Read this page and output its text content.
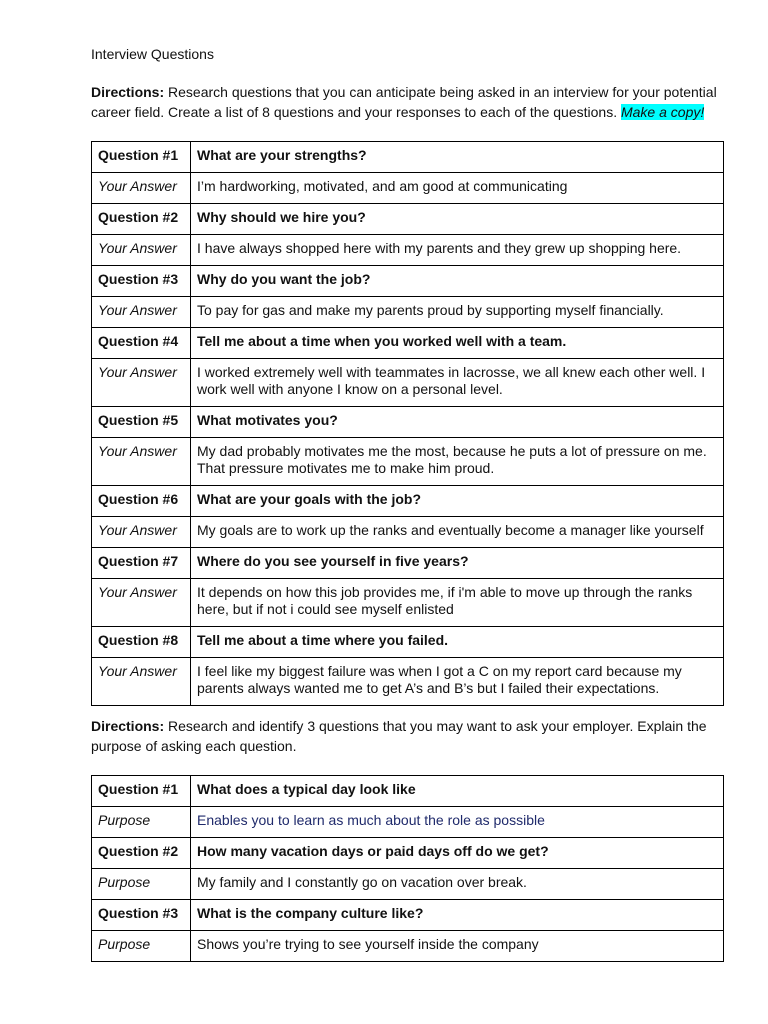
Interview Questions
Directions: Research questions that you can anticipate being asked in an interview for your potential career field. Create a list of 8 questions and your responses to each of the questions. Make a copy!
Question #1	What are your strengths?
Your Answer	I’m hardworking, motivated, and am good at communicating
Question #2	Why should we hire you?
Your Answer	I have always shopped here with my parents and they grew up shopping here.
Question #3	Why do you want the job?
Your Answer	To pay for gas and make my parents proud by supporting myself financially.
Question #4	Tell me about a time when you worked well with a team.
Your Answer	I worked extremely well with teammates in lacrosse, we all knew each other well. I work well with anyone I know on a personal level.
Question #5	What motivates you?
Your Answer	My dad probably motivates me the most, because he puts a lot of pressure on me. That pressure motivates me to make him proud.
Question #6	What are your goals with the job?
Your Answer	My goals are to work up the ranks and eventually become a manager like yourself
Question #7	Where do you see yourself in five years?
Your Answer	It depends on how this job provides me, if i'm able to move up through the ranks here, but if not i could see myself enlisted
Question #8	Tell me about a time where you failed.
Your Answer	I feel like my biggest failure was when I got a C on my report card because my parents always wanted me to get A’s and B’s but I failed their expectations.
Directions: Research and identify 3 questions that you may want to ask your employer. Explain the purpose of asking each question.
Question #1	What does a typical day look like
Purpose	Enables you to learn as much about the role as possible
Question #2	How many vacation days or paid days off do we get?
Purpose	My family and I constantly go on vacation over break.
Question #3	What is the company culture like?
Purpose	Shows you’re trying to see yourself inside the company
